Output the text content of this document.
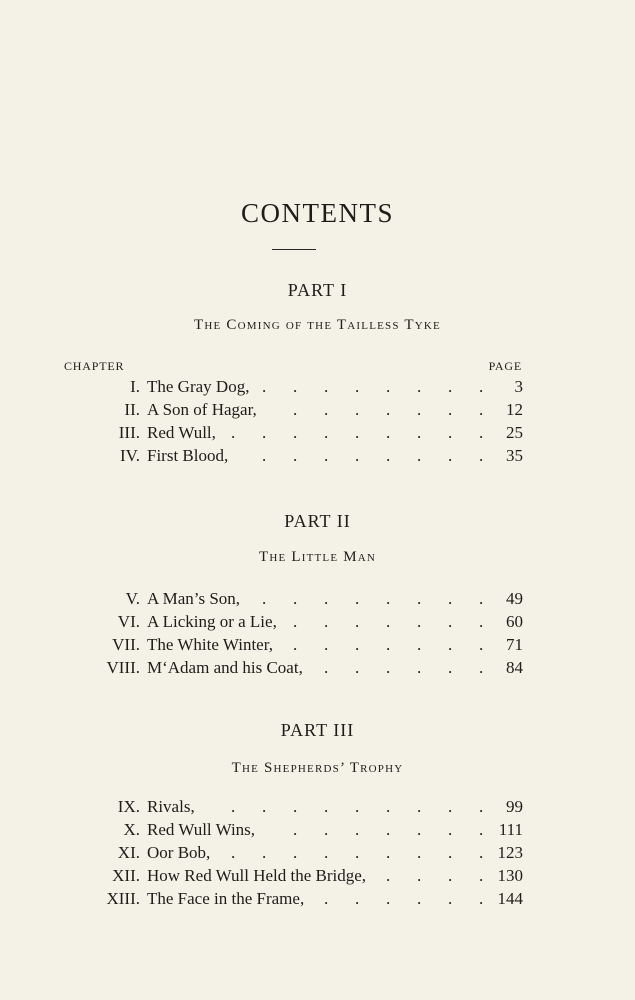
CONTENTS
PART I
The Coming of the Tailless Tyke
CHAPTER	PAGE
I. The Gray Dog,	3
.
.
.
.
.
.
.
.
II. A Son of Hagar,	12
.
.
.
.
.
.
.
III. Red Wull,	25
.
.
.
.
.
.
.
.
.
IV. First Blood,	35
.
.
.
.
.
.
.
.
PART II
The Little Man
V. A Man’s Son,	49
.
.
.
.
.
.
.
.
VI. A Licking or a Lie,	60
.
.
.
.
.
.
.
VII. The White Winter,	71
.
.
.
.
.
.
.
VIII. M‘Adam and his Coat,	84
.
.
.
.
.
.
PART III
The Shepherds’ Trophy
IX. Rivals,	99
.
.
.
.
.
.
.
.
.
X. Red Wull Wins,	111
.
.
.
.
.
.
.
XI. Oor Bob,	123
.
.
.
.
.
.
.
.
.
XII. How Red Wull Held the Bridge,	130
.
.
.
.
XIII. The Face in the Frame,	144
.
.
.
.
.
.
